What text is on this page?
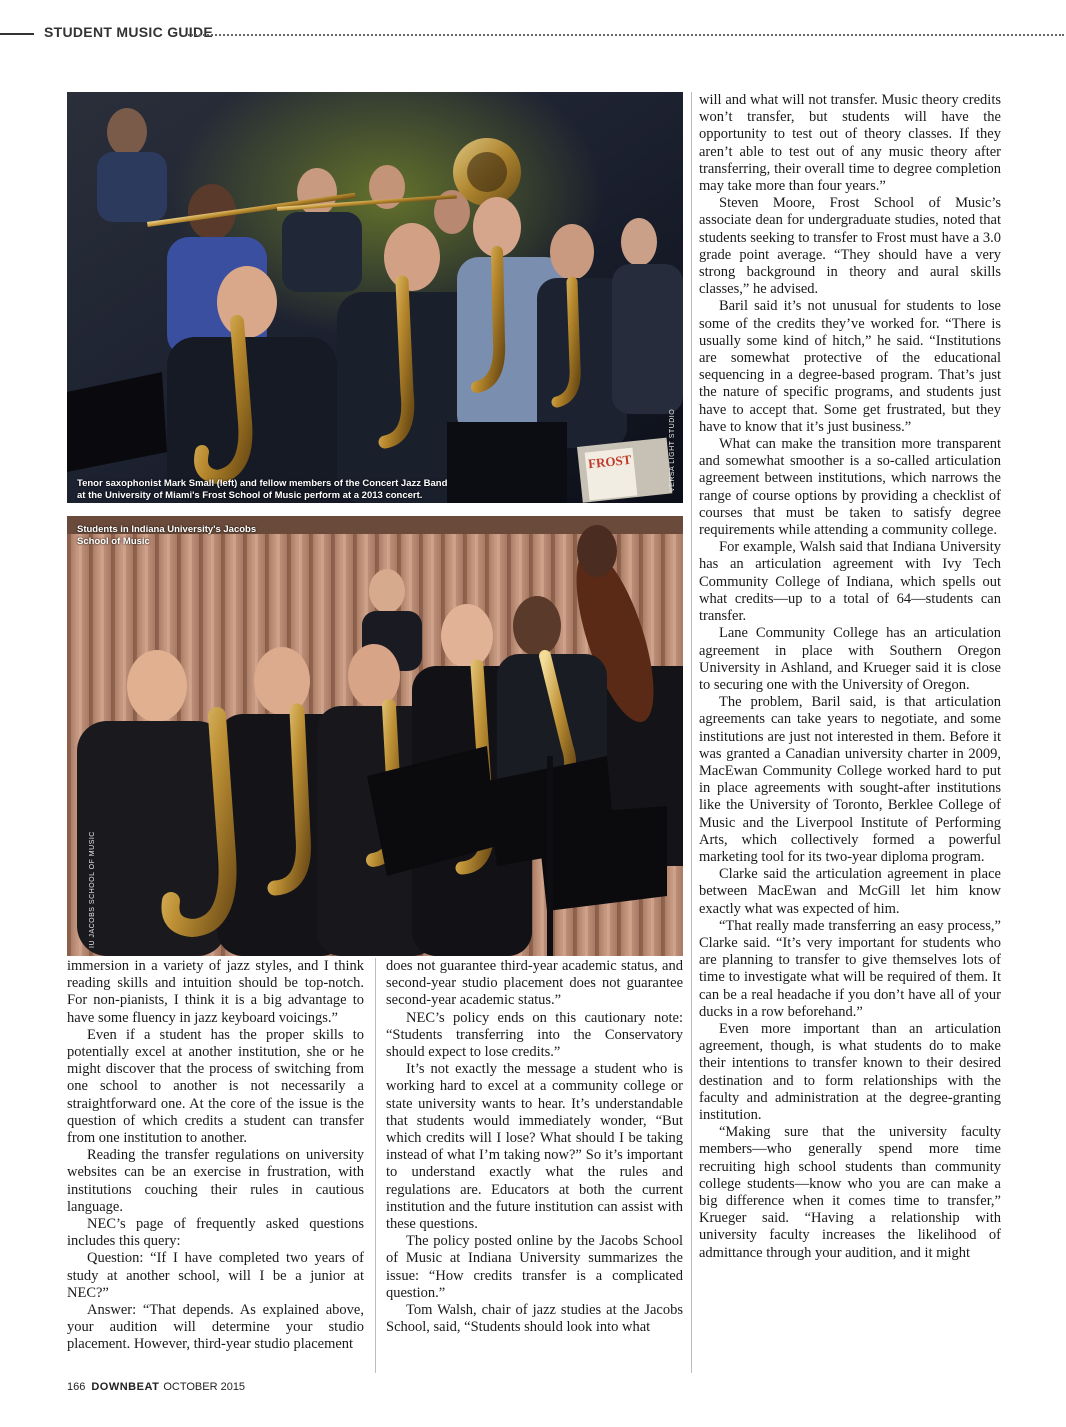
STUDENT MUSIC GUIDE
Tenor saxophonist Mark Small (left) and fellow members of the Concert Jazz Band at the University of Miami's Frost School of Music perform at a 2013 concert.
FROST	VERSA LIGHT STUDIO
Students in Indiana University's Jacobs School of Music
IU JACOBS SCHOOL OF MUSIC

immersion in a variety of jazz styles, and I think reading skills and intuition should be top-notch. For non-pianists, I think it is a big advantage to have some fluency in jazz keyboard voicings.”

Even if a student has the proper skills to potentially excel at another institution, she or he might discover that the process of switching from one school to another is not necessarily a straightforward one. At the core of the issue is the question of which credits a student can transfer from one institution to another.

Reading the transfer regulations on university websites can be an exercise in frustration, with institutions couching their rules in cautious language.

NEC’s page of frequently asked questions includes this query:

Question: “If I have completed two years of study at another school, will I be a junior at NEC?”

Answer: “That depends. As explained above, your audition will determine your studio placement. However, third-year studio placement

does not guarantee third-year academic status, and second-year studio placement does not guarantee second-year academic status.”

NEC’s policy ends on this cautionary note: “Students transferring into the Conservatory should expect to lose credits.”

It’s not exactly the message a student who is working hard to excel at a community college or state university wants to hear. It’s understandable that students would immediately wonder, “But which credits will I lose? What should I be taking instead of what I’m taking now?” So it’s important to understand exactly what the rules and regulations are. Educators at both the current institution and the future institution can assist with these questions.

The policy posted online by the Jacobs School of Music at Indiana University summarizes the issue: “How credits transfer is a complicated question.”

Tom Walsh, chair of jazz studies at the Jacobs School, said, “Students should look into what

will and what will not transfer. Music theory credits won’t transfer, but students will have the opportunity to test out of theory classes. If they aren’t able to test out of any music theory after transferring, their overall time to degree completion may take more than four years.”

Steven Moore, Frost School of Music’s associate dean for undergraduate studies, noted that students seeking to transfer to Frost must have a 3.0 grade point average. “They should have a very strong background in theory and aural skills classes,” he advised.

Baril said it’s not unusual for students to lose some of the credits they’ve worked for. “There is usually some kind of hitch,” he said. “Institutions are somewhat protective of the educational sequencing in a degree-based program. That’s just the nature of specific programs, and students just have to accept that. Some get frustrated, but they have to know that it’s just business.”

What can make the transition more transparent and somewhat smoother is a so-called articulation agreement between institutions, which narrows the range of course options by providing a checklist of courses that must be taken to satisfy degree requirements while attending a community college.

For example, Walsh said that Indiana University has an articulation agreement with Ivy Tech Community College of Indiana, which spells out what credits—up to a total of 64—students can transfer.

Lane Community College has an articulation agreement in place with Southern Oregon University in Ashland, and Krueger said it is close to securing one with the University of Oregon.

The problem, Baril said, is that articulation agreements can take years to negotiate, and some institutions are just not interested in them. Before it was granted a Canadian university charter in 2009, MacEwan Community College worked hard to put in place agreements with sought-after institutions like the University of Toronto, Berklee College of Music and the Liverpool Institute of Performing Arts, which collectively formed a powerful marketing tool for its two-year diploma program.

Clarke said the articulation agreement in place between MacEwan and McGill let him know exactly what was expected of him.

“That really made transferring an easy process,” Clarke said. “It’s very important for students who are planning to transfer to give themselves lots of time to investigate what will be required of them. It can be a real headache if you don’t have all of your ducks in a row beforehand.”

Even more important than an articulation agreement, though, is what students do to make their intentions to transfer known to their desired destination and to form relationships with the faculty and administration at the degree-granting institution.

“Making sure that the university faculty members—who generally spend more time recruiting high school students than community college students—know who you are can make a big difference when it comes time to transfer,” Krueger said. “Having a relationship with university faculty increases the likelihood of admittance through your audition, and it might

166 DOWNBEAT OCTOBER 2015
